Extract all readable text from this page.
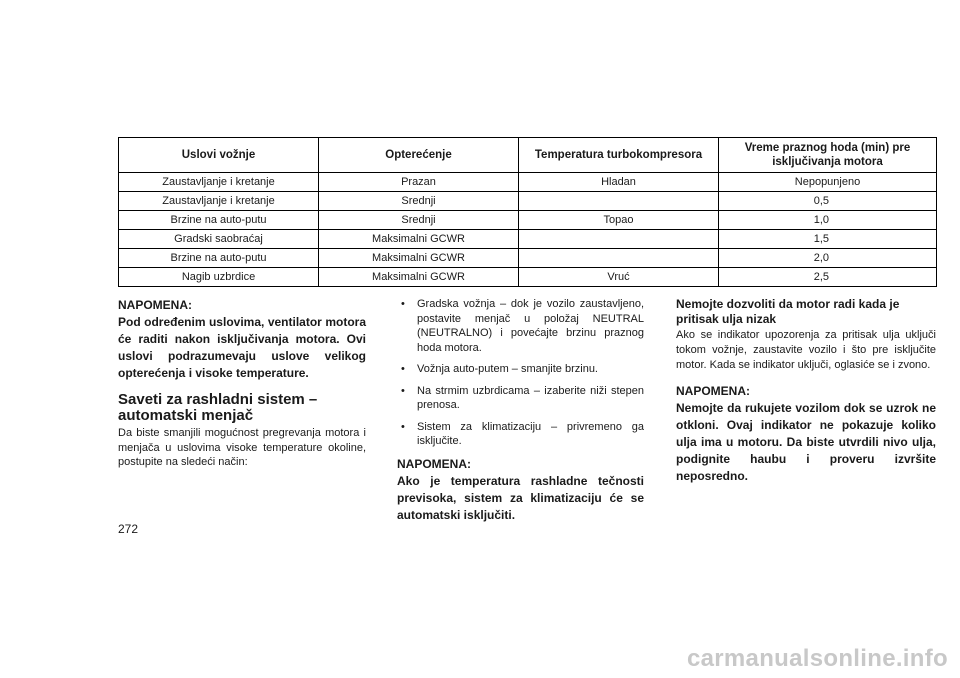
Uslovi vožnje	Opterećenje	Temperatura turbokompresora	Vreme praznog hoda (min) pre isključivanja motora
Zaustavljanje i kretanje	Prazan	Hladan	Nepopunjeno
Zaustavljanje i kretanje	Srednji		0,5
Brzine na auto-putu	Srednji	Topao	1,0
Gradski saobraćaj	Maksimalni GCWR		1,5
Brzine na auto-putu	Maksimalni GCWR		2,0
Nagib uzbrdice	Maksimalni GCWR	Vruć	2,5

NAPOMENA:

Pod određenim uslovima, ventilator motora će raditi nakon isključivanja motora. Ovi uslovi podrazumevaju uslove velikog opterećenja i visoke temperature.

Saveti za rashladni sistem –
automatski menjač

Da biste smanjili mogućnost pregrevanja motora i menjača u uslovima visoke temperature okoline, postupite na sledeći način:

• Gradska vožnja – dok je vozilo zaustavljeno, postavite menjač u položaj NEUTRAL (NEUTRALNO) i povećajte brzinu praznog hoda motora.
• Vožnja auto-putem – smanjite brzinu.
• Na strmim uzbrdicama – izaberite niži stepen prenosa.
• Sistem za klimatizaciju – privremeno ga isključite.

NAPOMENA:

Ako je temperatura rashladne tečnosti previsoka, sistem za klimatizaciju će se automatski isključiti.

Nemojte dozvoliti da motor radi kada je pritisak ulja nizak

Ako se indikator upozorenja za pritisak ulja uključi tokom vožnje, zaustavite vozilo i što pre isključite motor. Kada se indikator uključi, oglasiće se i zvono.

NAPOMENA:

Nemojte da rukujete vozilom dok se uzrok ne otkloni. Ovaj indikator ne pokazuje koliko ulja ima u motoru. Da biste utvrdili nivo ulja, podignite haubu i proveru izvršite neposredno.

272
carmanualsonline.info
